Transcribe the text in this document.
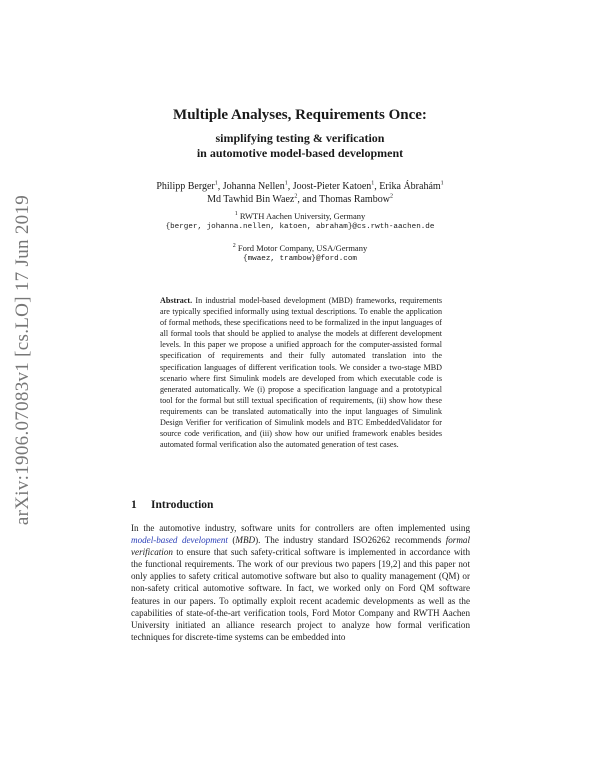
arXiv:1906.07083v1 [cs.LO] 17 Jun 2019
Multiple Analyses, Requirements Once:
simplifying testing & verification
in automotive model-based development
Philipp Berger$^1$, Johanna Nellen$^1$, Joost-Pieter Katoen$^1$, Erika Ábrahám$^1$
Md Tawhid Bin Waez$^2$, and Thomas Rambow$^2$
$^1$ RWTH Aachen University, Germany
{berger, johanna.nellen, katoen, abraham}@cs.rwth-aachen.de
$^2$ Ford Motor Company, USA/Germany
{mwaez, trambow}@ford.com
Abstract. In industrial model-based development (MBD) frameworks, requirements are typically specified informally using textual descriptions. To enable the application of formal methods, these specifications need to be formalized in the input languages of all formal tools that should be applied to analyse the models at different development levels. In this paper we propose a unified approach for the computer-assisted formal specification of requirements and their fully automated translation into the specification languages of different verification tools. We consider a two-stage MBD scenario where first Simulink models are developed from which executable code is generated automatically. We (i) propose a specification language and a prototypical tool for the formal but still textual specification of requirements, (ii) show how these requirements can be translated automatically into the input languages of Simulink Design Verifier for verification of Simulink models and BTC EmbeddedValidator for source code verification, and (iii) show how our unified framework enables besides automated formal verification also the automated generation of test cases.
1 Introduction
In the automotive industry, software units for controllers are often implemented using model-based development (MBD). The industry standard ISO26262 recommends formal verification to ensure that such safety-critical software is implemented in accordance with the functional requirements. The work of our previous two papers [19,2] and this paper not only applies to safety critical automotive software but also to quality management (QM) or non-safety critical automotive software. In fact, we worked only on Ford QM software features in our papers. To optimally exploit recent academic developments as well as the capabilities of state-of-the-art verification tools, Ford Motor Company and RWTH Aachen University initiated an alliance research project to analyze how formal verification techniques for discrete-time systems can be embedded into
